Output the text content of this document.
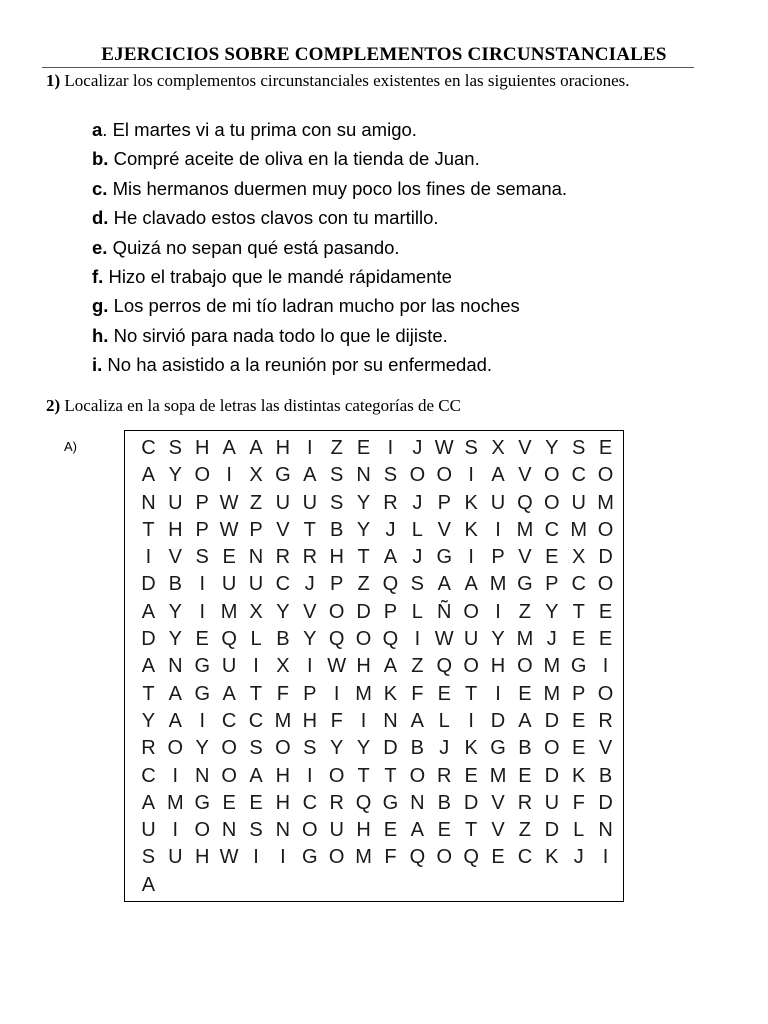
EJERCICIOS SOBRE COMPLEMENTOS CIRCUNSTANCIALES
1) Localizar los complementos circunstanciales existentes en las siguientes oraciones.
a. El martes vi a tu prima con su amigo.
b. Compré aceite de oliva en la tienda de Juan.
c. Mis hermanos duermen muy poco los fines de semana.
d. He clavado estos clavos con tu martillo.
e. Quizá no sepan qué está pasando.
f. Hizo el trabajo que le mandé rápidamente
g. Los perros de mi tío ladran mucho por las noches
h. No sirvió para nada todo lo que le dijiste.
i. No ha asistido a la reunión por su enfermedad.
2) Localiza en la sopa de letras las distintas categorías de CC
A)	C S H A A H I Z E I J W S X V Y S E
A Y O I X G A S N S O O I A V O C O
N U P W Z U U S Y R J P K U Q O U M
T H P W P V T B Y J L V K I M C M O
I V S E N R R H T A J G I P V E X D
D B I U U C J P Z Q S A A M G P C O
A Y I M X Y V O D P L Ñ O I Z Y T E
D Y E Q L B Y Q O Q I W U Y M J E E
A N G U I X I W H A Z Q O H O M G I
T A G A T F P I M K F E T I E M P O
Y A I C C M H F I N A L I D A D E R
R O Y O S O S Y Y D B J K G B O E V
C I N O A H I O T T O R E M E D K B
A M G E E H C R Q G N B D V R U F D
U I O N S N O U H E A E T V Z D L N
S U H W I	I G O M F Q O Q E C K J I
A
